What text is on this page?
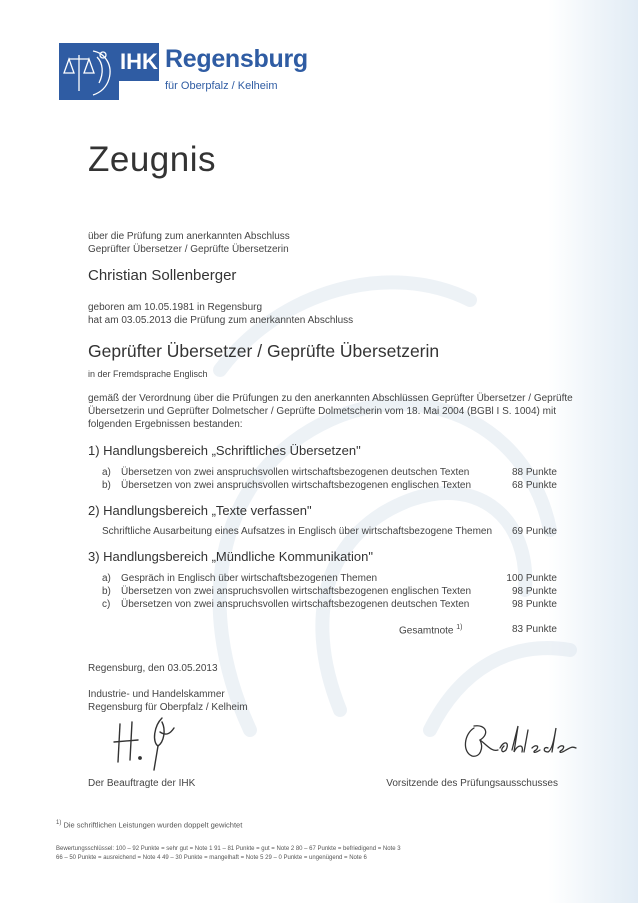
IHK Regensburg
für Oberpfalz / Kelheim
Zeugnis
über die Prüfung zum anerkannten Abschluss
Geprüfter Übersetzer / Geprüfte Übersetzerin
Christian Sollenberger
geboren am 10.05.1981 in Regensburg
hat am 03.05.2013 die Prüfung zum anerkannten Abschluss
Geprüfter Übersetzer / Geprüfte Übersetzerin
in der Fremdsprache Englisch
gemäß der Verordnung über die Prüfungen zu den anerkannten Abschlüssen Geprüfter Übersetzer / Geprüfte
Übersetzerin und Geprüfter Dolmetscher / Geprüfte Dolmetscherin vom 18. Mai 2004 (BGBl I S. 1004) mit
folgenden Ergebnissen bestanden:
1) Handlungsbereich „Schriftliches Übersetzen"
a) Übersetzen von zwei anspruchsvollen wirtschaftsbezogenen deutschen Texten	88 Punkte
b) Übersetzen von zwei anspruchsvollen wirtschaftsbezogenen englischen Texten	68 Punkte
2) Handlungsbereich „Texte verfassen"
Schriftliche Ausarbeitung eines Aufsatzes in Englisch über wirtschaftsbezogene Themen 69 Punkte
3) Handlungsbereich „Mündliche Kommunikation"
a) Gespräch in Englisch über wirtschaftsbezogenen Themen	100 Punkte
b) Übersetzen von zwei anspruchsvollen wirtschaftsbezogenen englischen Texten	98 Punkte
c) Übersetzen von zwei anspruchsvollen wirtschaftsbezogenen deutschen Texten	98 Punkte
Gesamtnote $^{1)}$	83 Punkte
Regensburg, den 03.05.2013
Industrie- und Handelskammer
Regensburg für Oberpfalz / Kelheim
Der Beauftragte der IHK	Vorsitzende des Prüfungsausschusses
$^{1)}$ Die schriftlichen Leistungen wurden doppelt gewichtet
Bewertungsschlüssel: 100 – 92 Punkte = sehr gut = Note 1 91 – 81 Punkte = gut = Note 2 80 – 67 Punkte = befriedigend = Note 3
66 – 50 Punkte = ausreichend = Note 4 49 – 30 Punkte = mangelhaft = Note 5 29 – 0 Punkte = ungenügend = Note 6
